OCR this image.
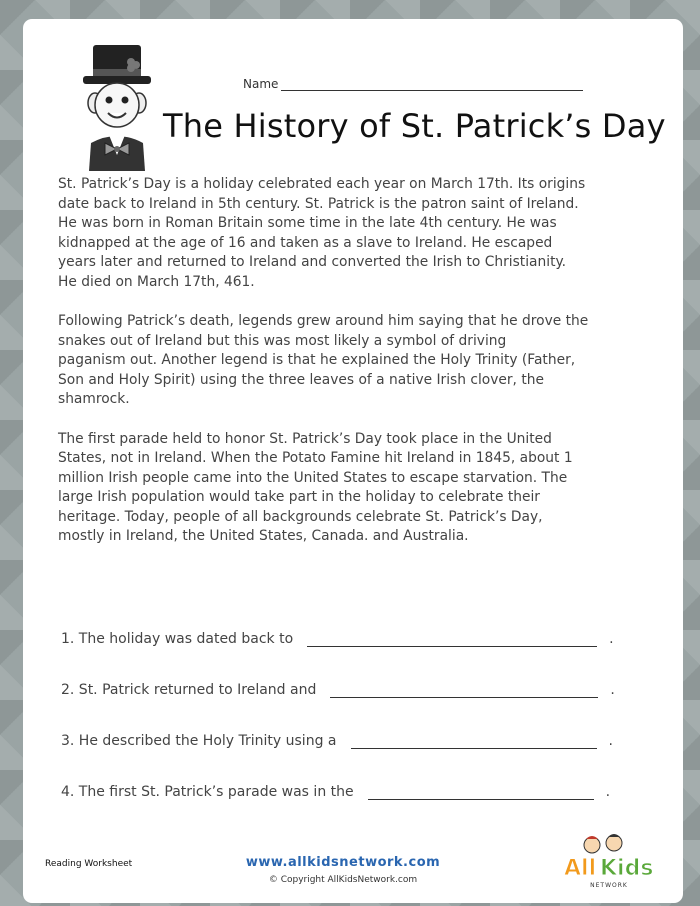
Name
The History of St. Patrick’s Day

St. Patrick’s Day is a holiday celebrated each year on March 17th. Its origins
date back to Ireland in 5th century. St. Patrick is the patron saint of Ireland.
He was born in Roman Britain some time in the late 4th century. He was
kidnapped at the age of 16 and taken as a slave to Ireland. He escaped
years later and returned to Ireland and converted the Irish to Christianity.
He died on March 17th, 461.

Following Patrick’s death, legends grew around him saying that he drove the
snakes out of Ireland but this was most likely a symbol of driving
paganism out. Another legend is that he explained the Holy Trinity (Father,
Son and Holy Spirit) using the three leaves of a native Irish clover, the
shamrock.

The first parade held to honor St. Patrick’s Day took place in the United
States, not in Ireland. When the Potato Famine hit Ireland in 1845, about 1
million Irish people came into the United States to escape starvation. The
large Irish population would take part in the holiday to celebrate their
heritage. Today, people of all backgrounds celebrate St. Patrick’s Day,
mostly in Ireland, the United States, Canada. and Australia.

1. The holiday was dated back to	.
2. St. Patrick returned to Ireland and	.
3. He described the Holy Trinity using a	.
4. The first St. Patrick’s parade was in the	.
Reading Worksheet	www.allkidsnetwork.com
© Copyright AllKidsNetwork.com	All Kids
NETWORK
